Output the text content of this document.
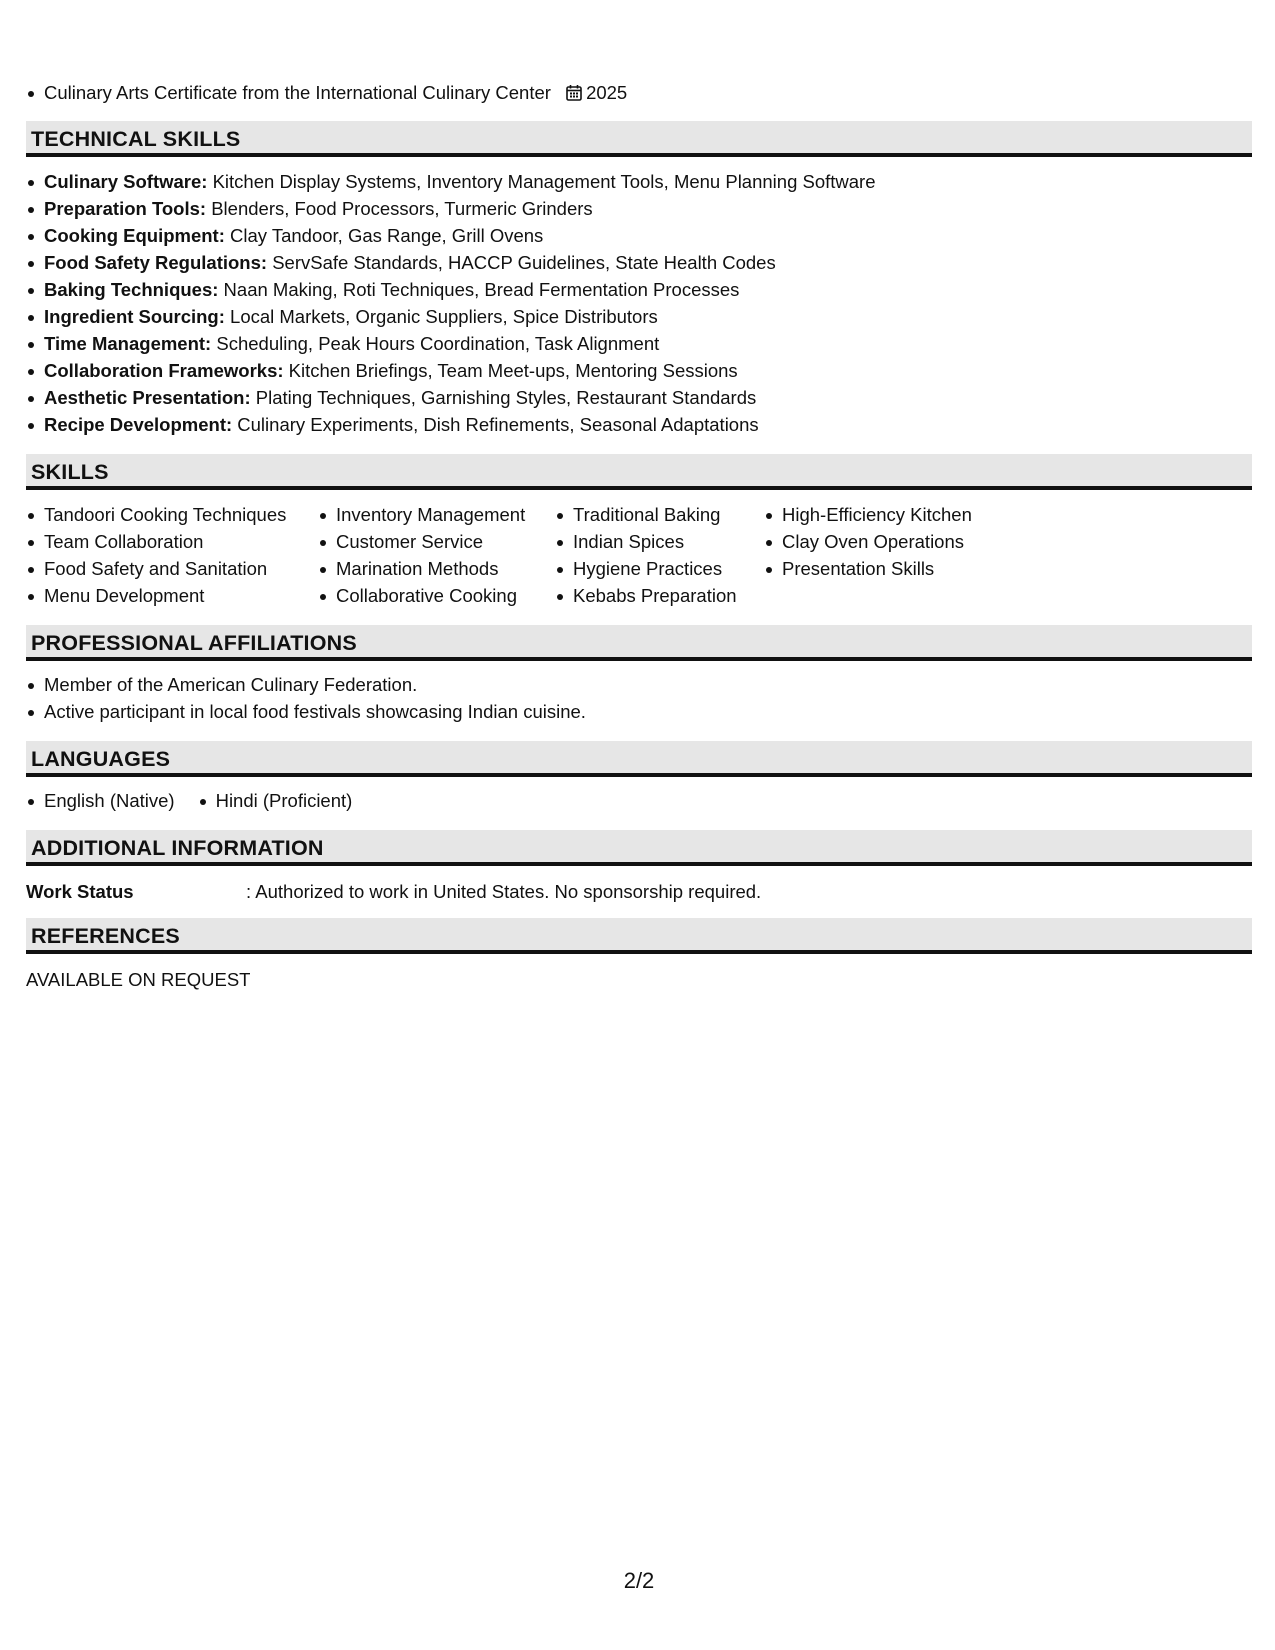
Culinary Arts Certificate from the International Culinary Center 2025
TECHNICAL SKILLS
Culinary Software: Kitchen Display Systems, Inventory Management Tools, Menu Planning Software
Preparation Tools: Blenders, Food Processors, Turmeric Grinders
Cooking Equipment: Clay Tandoor, Gas Range, Grill Ovens
Food Safety Regulations: ServSafe Standards, HACCP Guidelines, State Health Codes
Baking Techniques: Naan Making, Roti Techniques, Bread Fermentation Processes
Ingredient Sourcing: Local Markets, Organic Suppliers, Spice Distributors
Time Management: Scheduling, Peak Hours Coordination, Task Alignment
Collaboration Frameworks: Kitchen Briefings, Team Meet-ups, Mentoring Sessions
Aesthetic Presentation: Plating Techniques, Garnishing Styles, Restaurant Standards
Recipe Development: Culinary Experiments, Dish Refinements, Seasonal Adaptations
SKILLS
Tandoori Cooking Techniques
Team Collaboration
Food Safety and Sanitation
Menu Development
Inventory Management
Customer Service
Marination Methods
Collaborative Cooking
Traditional Baking
Indian Spices
Hygiene Practices
Kebabs Preparation
High-Efficiency Kitchen
Clay Oven Operations
Presentation Skills
PROFESSIONAL AFFILIATIONS
Member of the American Culinary Federation.
Active participant in local food festivals showcasing Indian cuisine.
LANGUAGES
English (Native) Hindi (Proficient)
ADDITIONAL INFORMATION
Work Status	: Authorized to work in United States. No sponsorship required.
REFERENCES
AVAILABLE ON REQUEST
2/2
